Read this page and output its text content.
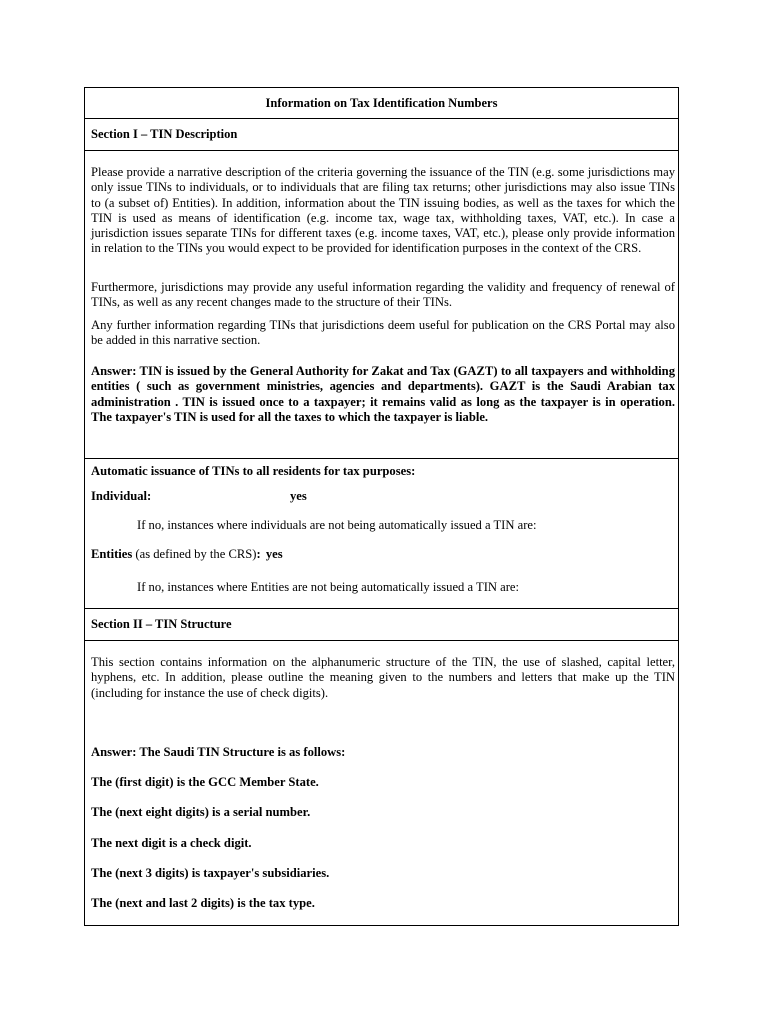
Information on Tax Identification Numbers
Section I – TIN Description

Please provide a narrative description of the criteria governing the issuance of the TIN (e.g. some jurisdictions may only issue TINs to individuals, or to individuals that are filing tax returns; other jurisdictions may also issue TINs to (a subset of) Entities). In addition, information about the TIN issuing bodies, as well as the taxes for which the TIN is used as means of identification (e.g. income tax, wage tax, withholding taxes, VAT, etc.). In case a jurisdiction issues separate TINs for different taxes (e.g. income taxes, VAT, etc.), please only provide information in relation to the TINs you would expect to be provided for identification purposes in the context of the CRS.

Furthermore, jurisdictions may provide any useful information regarding the validity and frequency of renewal of TINs, as well as any recent changes made to the structure of their TINs.

Any further information regarding TINs that jurisdictions deem useful for publication on the CRS Portal may also be added in this narrative section.

Answer: TIN is issued by the General Authority for Zakat and Tax (GAZT) to all taxpayers and withholding entities ( such as government ministries, agencies and departments). GAZT is the Saudi Arabian tax administration . TIN is issued once to a taxpayer; it remains valid as long as the taxpayer is in operation. The taxpayer's TIN is used for all the taxes to which the taxpayer is liable.

Automatic issuance of TINs to all residents for tax purposes:
Individual:	yes
If no, instances where individuals are not being automatically issued a TIN are:
Entities (as defined by the CRS): yes
If no, instances where Entities are not being automatically issued a TIN are:
Section II – TIN Structure

This section contains information on the alphanumeric structure of the TIN, the use of slashed, capital letter, hyphens, etc. In addition, please outline the meaning given to the numbers and letters that make up the TIN (including for instance the use of check digits).

Answer: The Saudi TIN Structure is as follows:
The (first digit) is the GCC Member State.
The (next eight digits) is a serial number.
The next digit is a check digit.
The (next 3 digits) is taxpayer's subsidiaries.
The (next and last 2 digits) is the tax type.
